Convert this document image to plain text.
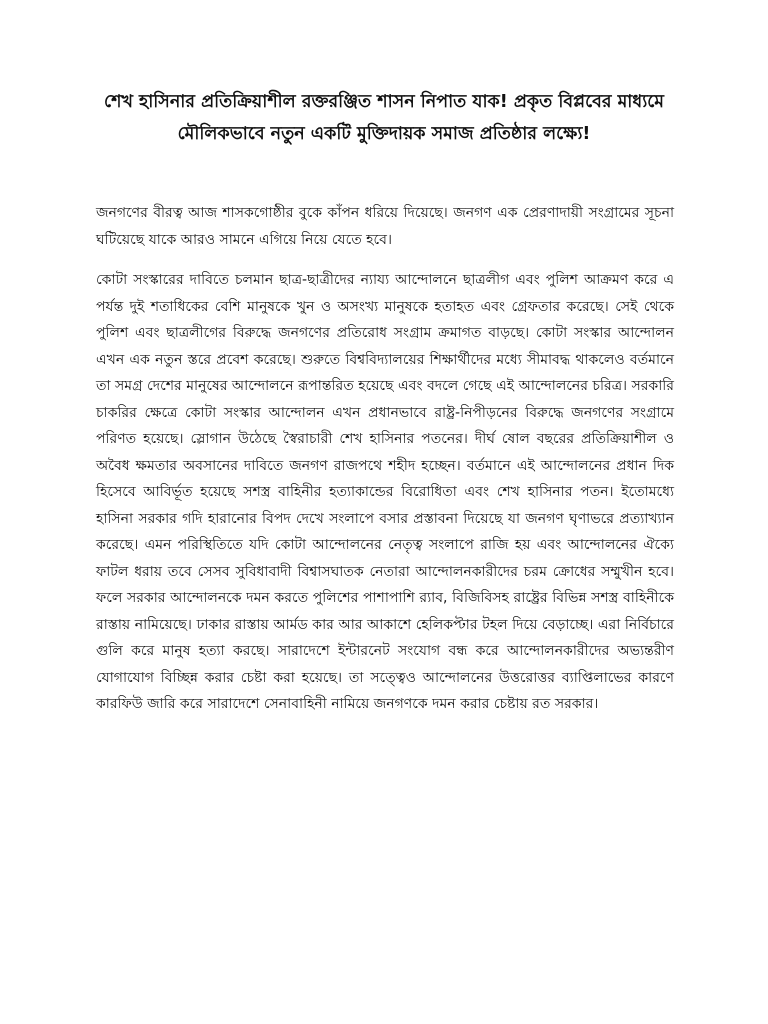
শেখ হাসিনার প্রতিক্রিয়াশীল রক্তরঞ্জিত শাসন নিপাত যাক! প্রকৃত বিপ্লবের মাধ্যমে মৌলিকভাবে নতুন একটি মুক্তিদায়ক সমাজ প্রতিষ্ঠার লক্ষ্যে!

জনগণের বীরত্ব আজ শাসকগোষ্ঠীর বুকে কাঁপন ধরিয়ে দিয়েছে। জনগণ এক প্রেরণাদায়ী সংগ্রামের সূচনা ঘটিয়েছে যাকে আরও সামনে এগিয়ে নিয়ে যেতে হবে।

কোটা সংস্কারের দাবিতে চলমান ছাত্র-ছাত্রীদের ন্যায্য আন্দোলনে ছাত্রলীগ এবং পুলিশ আক্রমণ করে এ পর্যন্ত দুই শতাধিকের বেশি মানুষকে খুন ও অসংখ্য মানুষকে হতাহত এবং গ্রেফতার করেছে। সেই থেকে পুলিশ এবং ছাত্রলীগের বিরুদ্ধে জনগণের প্রতিরোধ সংগ্রাম ক্রমাগত বাড়ছে। কোটা সংস্কার আন্দোলন এখন এক নতুন স্তরে প্রবেশ করেছে। শুরুতে বিশ্ববিদ্যালয়ের শিক্ষার্থীদের মধ্যে সীমাবদ্ধ থাকলেও বর্তমানে তা সমগ্র দেশের মানুষের আন্দোলনে রূপান্তরিত হয়েছে এবং বদলে গেছে এই আন্দোলনের চরিত্র। সরকারি চাকরির ক্ষেত্রে কোটা সংস্কার আন্দোলন এখন প্রধানভাবে রাষ্ট্র-নিপীড়নের বিরুদ্ধে জনগণের সংগ্রামে পরিণত হয়েছে। স্লোগান উঠেছে স্বৈরাচারী শেখ হাসিনার পতনের। দীর্ঘ ষোল বছরের প্রতিক্রিয়াশীল ও অবৈধ ক্ষমতার অবসানের দাবিতে জনগণ রাজপথে শহীদ হচ্ছেন। বর্তমানে এই আন্দোলনের প্রধান দিক হিসেবে আবির্ভূত হয়েছে সশস্ত্র বাহিনীর হত্যাকান্ডের বিরোধিতা এবং শেখ হাসিনার পতন। ইতোমধ্যে হাসিনা সরকার গদি হারানোর বিপদ দেখে সংলাপে বসার প্রস্তাবনা দিয়েছে যা জনগণ ঘৃণাভরে প্রত্যাখ্যান করেছে। এমন পরিস্থিতিতে যদি কোটা আন্দোলনের নেতৃত্ব সংলাপে রাজি হয় এবং আন্দোলনের ঐক্যে ফাটল ধরায় তবে সেসব সুবিধাবাদী বিশ্বাসঘাতক নেতারা আন্দোলনকারীদের চরম ক্রোধের সম্মুখীন হবে। ফলে সরকার আন্দোলনকে দমন করতে পুলিশের পাশাপাশি র‍্যাব, বিজিবিসহ রাষ্ট্রের বিভিন্ন সশস্ত্র বাহিনীকে রাস্তায় নামিয়েছে। ঢাকার রাস্তায় আর্মড কার আর আকাশে হেলিকপ্টার টহল দিয়ে বেড়াচ্ছে। এরা নির্বিচারে গুলি করে মানুষ হত্যা করছে। সারাদেশে ইন্টারনেট সংযোগ বন্ধ করে আন্দোলনকারীদের অভ্যন্তরীণ যোগাযোগ বিচ্ছিন্ন করার চেষ্টা করা হয়েছে। তা সত্ত্বেও আন্দোলনের উত্তরোত্তর ব্যাপ্তিলাভের কারণে কারফিউ জারি করে সারাদেশে সেনাবাহিনী নামিয়ে জনগণকে দমন করার চেষ্টায় রত সরকার।
